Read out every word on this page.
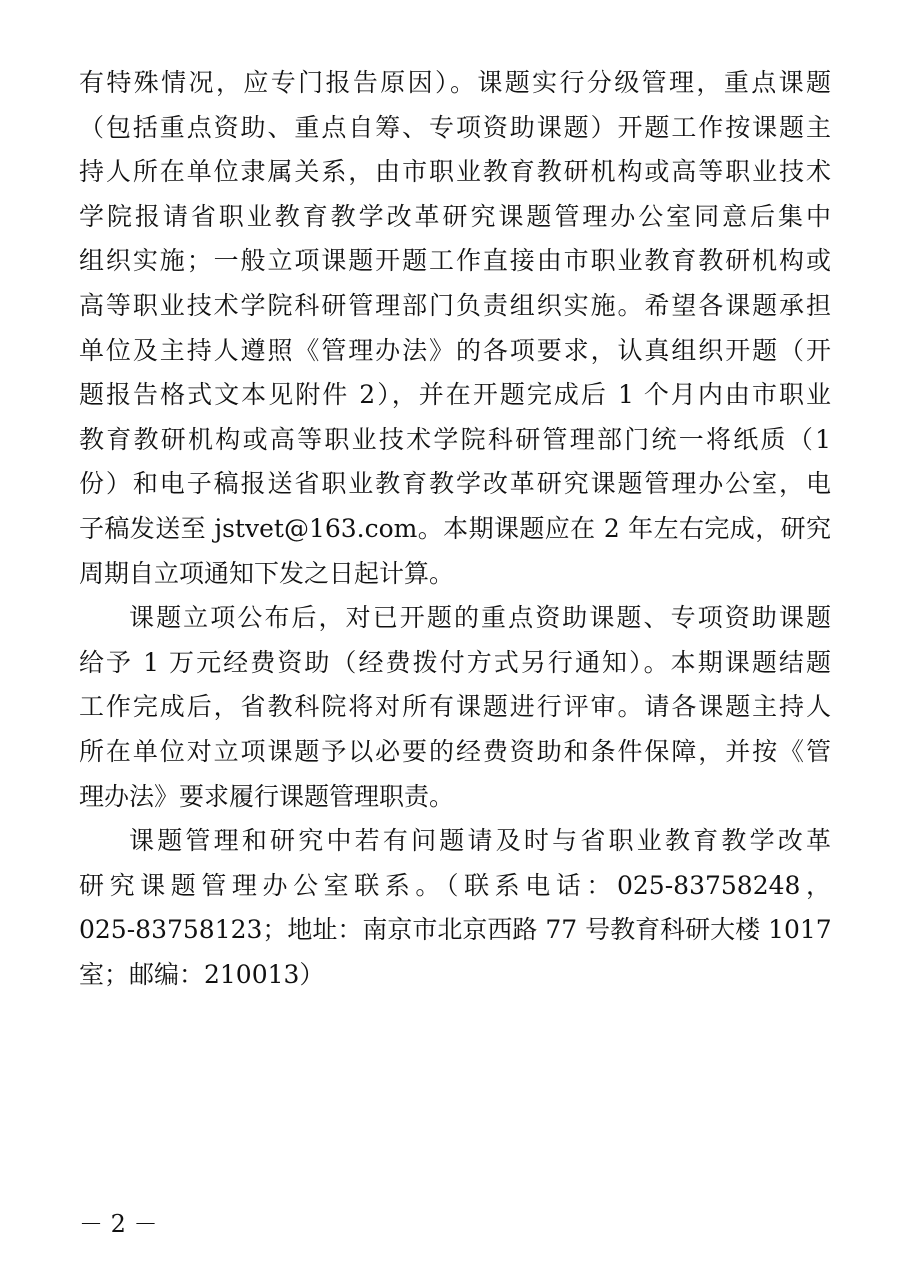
有特殊情况，应专门报告原因）。课题实行分级管理，重点课题
（包括重点资助、重点自筹、专项资助课题）开题工作按课题主
持人所在单位隶属关系，由市职业教育教研机构或高等职业技术
学院报请省职业教育教学改革研究课题管理办公室同意后集中
组织实施；一般立项课题开题工作直接由市职业教育教研机构或
高等职业技术学院科研管理部门负责组织实施。希望各课题承担
单位及主持人遵照《管理办法》的各项要求，认真组织开题（开
题报告格式文本见附件 2），并在开题完成后 1 个月内由市职业
教育教研机构或高等职业技术学院科研管理部门统一将纸质（1
份）和电子稿报送省职业教育教学改革研究课题管理办公室，电
子稿发送至 jstvet@163.com。本期课题应在 2 年左右完成，研究
周期自立项通知下发之日起计算。
课题立项公布后，对已开题的重点资助课题、专项资助课题
给予 1 万元经费资助（经费拨付方式另行通知）。本期课题结题
工作完成后，省教科院将对所有课题进行评审。请各课题主持人
所在单位对立项课题予以必要的经费资助和条件保障，并按《管
理办法》要求履行课题管理职责。
课题管理和研究中若有问题请及时与省职业教育教学改革
研究课题管理办公室联系。（联系电话：025-83758248，
025-83758123；地址：南京市北京西路 77 号教育科研大楼 1017
室；邮编：210013）
－ 2 －
